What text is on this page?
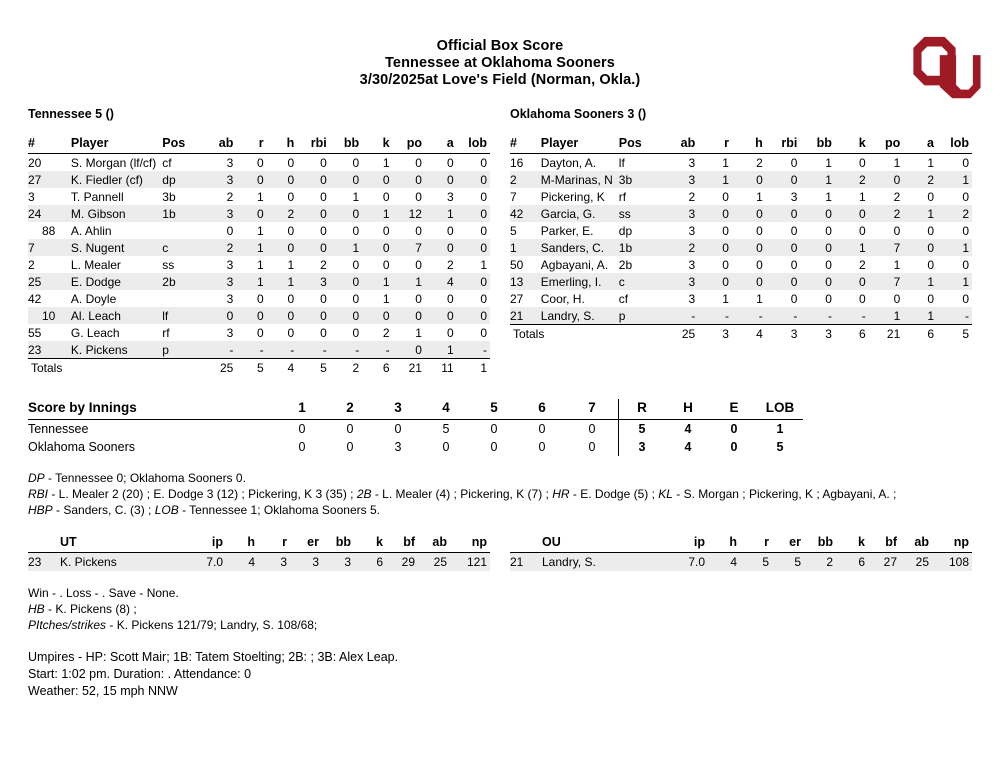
Official Box Score
Tennessee at Oklahoma Sooners
3/30/2025at Love's Field (Norman, Okla.)
Tennessee 5 ()
#	Player	Pos	ab	r	h	rbi	bb	k	po	a	lob
20	S. Morgan (lf/cf)	cf	3	0	0	0	0	1	0	0	0
27	K. Fiedler (cf)	dp	3	0	0	0	0	0	0	0	0
3	T. Pannell	3b	2	1	0	0	1	0	0	3	0
24	M. Gibson	1b	3	0	2	0	0	1	12	1	0
88	A. Ahlin		0	1	0	0	0	0	0	0	0
7	S. Nugent	c	2	1	0	0	1	0	7	0	0
2	L. Mealer	ss	3	1	1	2	0	0	0	2	1
25	E. Dodge	2b	3	1	1	3	0	1	1	4	0
42	A. Doyle		3	0	0	0	0	1	0	0	0
10	Al. Leach	lf	0	0	0	0	0	0	0	0	0
55	G. Leach	rf	3	0	0	0	0	2	1	0	0
23	K. Pickens	p	-	-	-	-	-	-	0	1	-
Totals			25	5	4	5	2	6	21	11	1
Oklahoma Sooners 3 ()
#	Player	Pos	ab	r	h	rbi	bb	k	po	a	lob
16	Dayton, A.	lf	3	1	2	0	1	0	1	1	0
2	M-Marinas, N	3b	3	1	0	0	1	2	0	2	1
7	Pickering, K	rf	2	0	1	3	1	1	2	0	0
42	Garcia, G.	ss	3	0	0	0	0	0	2	1	2
5	Parker, E.	dp	3	0	0	0	0	0	0	0	0
1	Sanders, C.	1b	2	0	0	0	0	1	7	0	1
50	Agbayani, A.	2b	3	0	0	0	0	2	1	0	0
13	Emerling, I.	c	3	0	0	0	0	0	7	1	1
27	Coor, H.	cf	3	1	1	0	0	0	0	0	0
21	Landry, S.	p	-	-	-	-	-	-	1	1	-
Totals			25	3	4	3	3	6	21	6	5
Score by Innings	1	2	3	4	5	6	7	R	H	E	LOB
Tennessee	0	0	0	5	0	0	0	5	4	0	1
Oklahoma Sooners	0	0	3	0	0	0	0	3	4	0	5
DP - Tennessee 0; Oklahoma Sooners 0.
RBI - L. Mealer 2 (20) ; E. Dodge 3 (12) ; Pickering, K 3 (35) ; 2B - L. Mealer (4) ; Pickering, K (7) ; HR - E. Dodge (5) ; KL - S. Morgan ; Pickering, K ; Agbayani, A. ;
HBP - Sanders, C. (3) ; LOB - Tennessee 1; Oklahoma Sooners 5.
	UT	ip	h	r	er	bb	k	bf	ab	np
23	K. Pickens	7.0	4	3	3	3	6	29	25	121
	OU	ip	h	r	er	bb	k	bf	ab	np
21	Landry, S.	7.0	4	5	5	2	6	27	25	108
Win - . Loss - . Save - None.
HB - K. Pickens (8) ;
PItches/strikes - K. Pickens 121/79; Landry, S. 108/68;
Umpires - HP: Scott Mair; 1B: Tatem Stoelting; 2B: ; 3B: Alex Leap.
Start: 1:02 pm. Duration: . Attendance: 0
Weather: 52, 15 mph NNW
